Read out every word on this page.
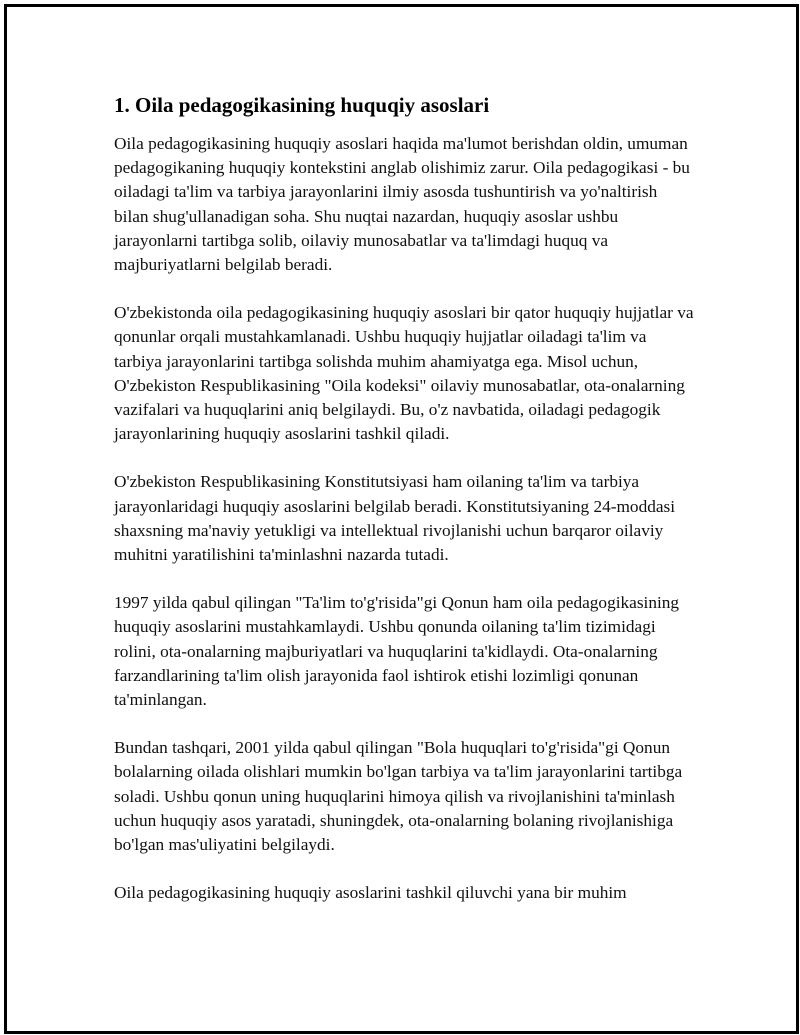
1. Oila pedagogikasining huquqiy asoslari

Oila pedagogikasining huquqiy asoslari haqida ma'lumot berishdan oldin, umuman pedagogikaning huquqiy kontekstini anglab olishimiz zarur. Oila pedagogikasi - bu oiladagi ta'lim va tarbiya jarayonlarini ilmiy asosda tushuntirish va yo'naltirish bilan shug'ullanadigan soha. Shu nuqtai nazardan, huquqiy asoslar ushbu jarayonlarni tartibga solib, oilaviy munosabatlar va ta'limdagi huquq va majburiyatlarni belgilab beradi.

O'zbekistonda oila pedagogikasining huquqiy asoslari bir qator huquqiy hujjatlar va qonunlar orqali mustahkamlanadi. Ushbu huquqiy hujjatlar oiladagi ta'lim va tarbiya jarayonlarini tartibga solishda muhim ahamiyatga ega. Misol uchun, O'zbekiston Respublikasining "Oila kodeksi" oilaviy munosabatlar, ota-onalarning vazifalari va huquqlarini aniq belgilaydi. Bu, o'z navbatida, oiladagi pedagogik jarayonlarining huquqiy asoslarini tashkil qiladi.

O'zbekiston Respublikasining Konstitutsiyasi ham oilaning ta'lim va tarbiya jarayonlaridagi huquqiy asoslarini belgilab beradi. Konstitutsiyaning 24-moddasi shaxsning ma'naviy yetukligi va intellektual rivojlanishi uchun barqaror oilaviy muhitni yaratilishini ta'minlashni nazarda tutadi.

1997 yilda qabul qilingan "Ta'lim to'g'risida"gi Qonun ham oila pedagogikasining huquqiy asoslarini mustahkamlaydi. Ushbu qonunda oilaning ta'lim tizimidagi rolini, ota-onalarning majburiyatlari va huquqlarini ta'kidlaydi. Ota-onalarning farzandlarining ta'lim olish jarayonida faol ishtirok etishi lozimligi qonunan ta'minlangan.

Bundan tashqari, 2001 yilda qabul qilingan "Bola huquqlari to'g'risida"gi Qonun bolalarning oilada olishlari mumkin bo'lgan tarbiya va ta'lim jarayonlarini tartibga soladi. Ushbu qonun uning huquqlarini himoya qilish va rivojlanishini ta'minlash uchun huquqiy asos yaratadi, shuningdek, ota-onalarning bolaning rivojlanishiga bo'lgan mas'uliyatini belgilaydi.

Oila pedagogikasining huquqiy asoslarini tashkil qiluvchi yana bir muhim
